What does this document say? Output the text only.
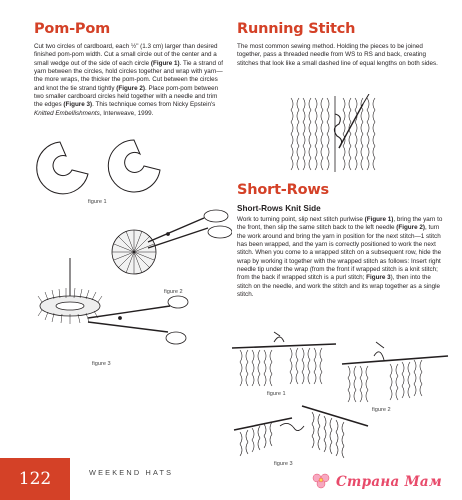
Pom-Pom

Cut two circles of cardboard, each ½" (1.3 cm) larger than desired finished pom-pom width. Cut a small circle out of the center and a small wedge out of the side of each circle (Figure 1). Tie a strand of yarn between the circles, hold circles together and wrap with yarn—the more wraps, the thicker the pom-pom. Cut between the circles and knot the tie strand tightly (Figure 2). Place pom-pom between two smaller cardboard circles held together with a needle and trim the edges (Figure 3). This technique comes from Nicky Epstein's Knitted Embellishments, Interweave, 1999.

figure 1
figure 2
figure 3
Running Stitch

The most common sewing method. Holding the pieces to be joined together, pass a threaded needle from WS to RS and back, creating stitches that look like a small dashed line of equal lengths on both sides.

Short-Rows

Short-Rows Knit Side

Work to turning point, slip next stitch purlwise (Figure 1), bring the yarn to the front, then slip the same stitch back to the left needle (Figure 2), turn the work around and bring the yarn in position for the next stitch—1 stitch has been wrapped, and the yarn is correctly positioned to work the next stitch. When you come to a wrapped stitch on a subsequent row, hide the wrap by working it together with the wrapped stitch as follows: Insert right needle tip under the wrap (from the front if wrapped stitch is a knit stitch; from the back if wrapped stitch is a purl stitch; Figure 3), then into the stitch on the needle, and work the stitch and its wrap together as a single stitch.

figure 1
figure 2
figure 3
122	WEEKEND HATS
Страна Мам
